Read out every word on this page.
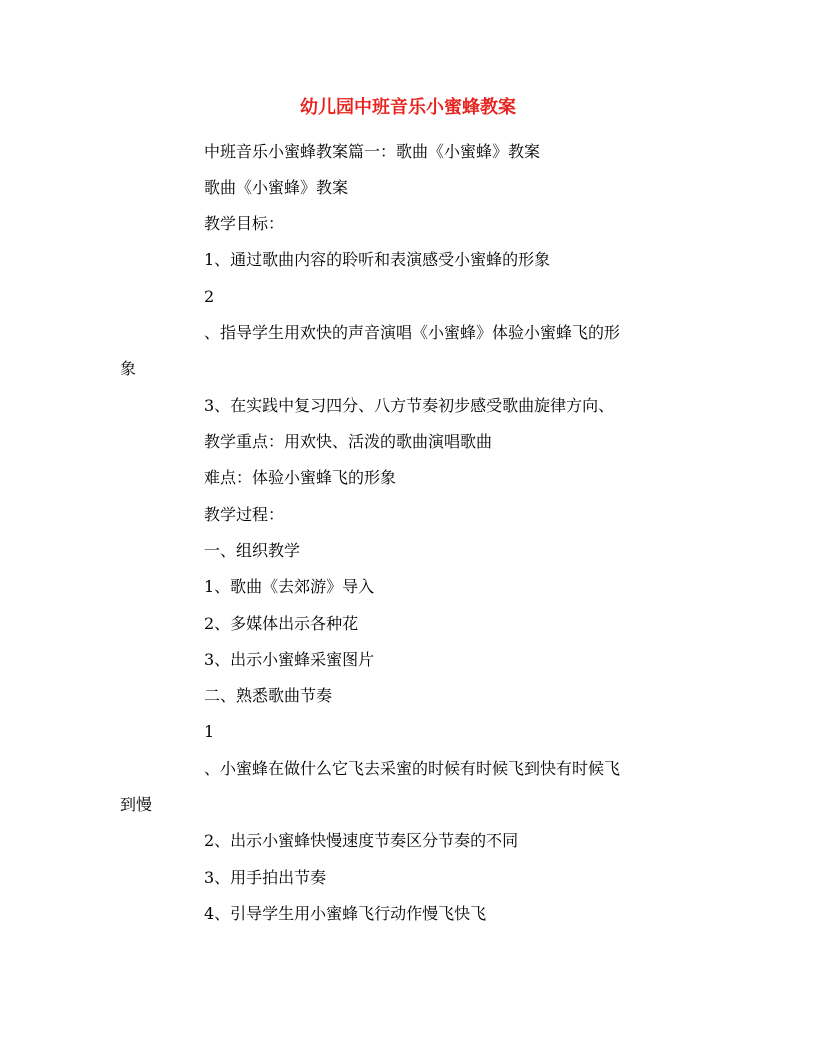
幼儿园中班音乐小蜜蜂教案
中班音乐小蜜蜂教案篇一：歌曲《小蜜蜂》教案
歌曲《小蜜蜂》教案
教学目标：
1、通过歌曲内容的聆听和表演感受小蜜蜂的形象
2
、指导学生用欢快的声音演唱《小蜜蜂》体验小蜜蜂飞的形
象
3、在实践中复习四分、八方节奏初步感受歌曲旋律方向、
教学重点：用欢快、活泼的歌曲演唱歌曲
难点：体验小蜜蜂飞的形象
教学过程：
一、组织教学
1、歌曲《去郊游》导入
2、多媒体出示各种花
3、出示小蜜蜂采蜜图片
二、熟悉歌曲节奏
1
、小蜜蜂在做什么它飞去采蜜的时候有时候飞到快有时候飞
到慢
2、出示小蜜蜂快慢速度节奏区分节奏的不同
3、用手拍出节奏
4、引导学生用小蜜蜂飞行动作慢飞快飞
